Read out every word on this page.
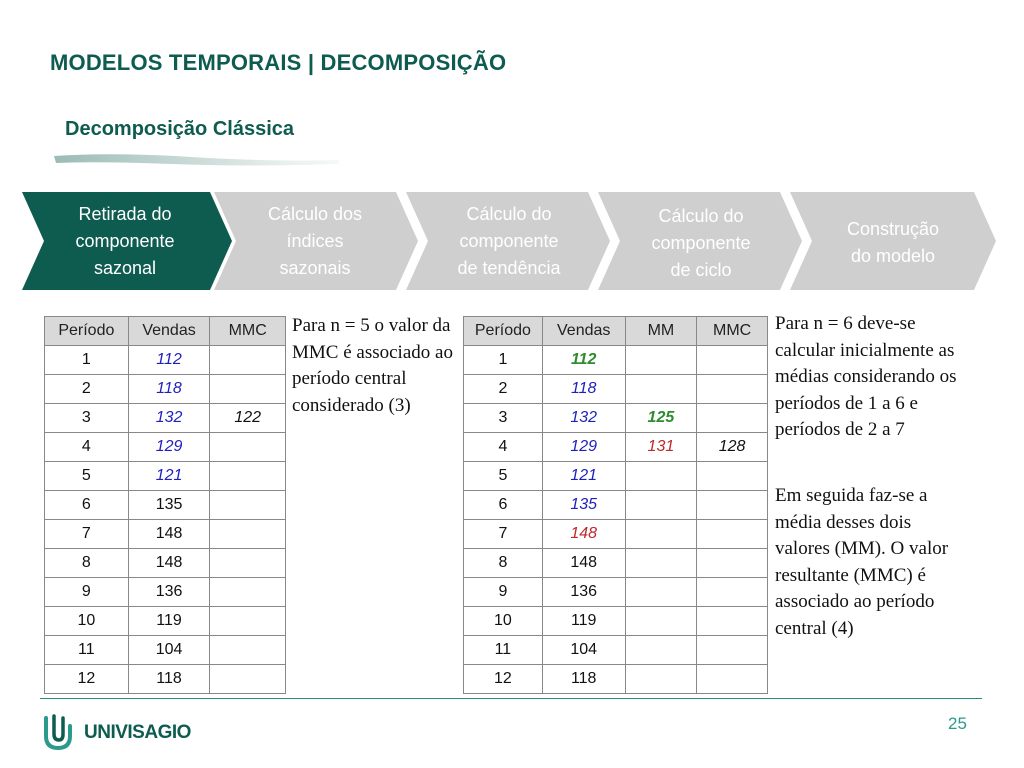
MODELOS TEMPORAIS | DECOMPOSIÇÃO
Decomposição Clássica
Retirada do
componente
sazonal
Cálculo dos
índices
sazonais
Cálculo do
componente
de tendência
Cálculo do
componente
de ciclo
Construção
do modelo
Período	Vendas	MMC
1	112	
2	118	
3	132	122
4	129	
5	121	
6	135	
7	148	
8	148	
9	136	
10	119	
11	104	
12	118	
Para n = 5 o valor da MMC é associado ao período central considerado (3)
Período	Vendas	MM	MMC
1	112		
2	118		
3	132	125	
4	129	131	128
5	121		
6	135		
7	148		
8	148		
9	136		
10	119		
11	104		
12	118		
Para n = 6 deve-se calcular inicialmente as médias considerando os períodos de 1 a 6 e períodos de 2 a 7
Em seguida faz-se a média desses dois valores (MM). O valor resultante (MMC) é associado ao período central (4)
UNIVISAGIO	25
